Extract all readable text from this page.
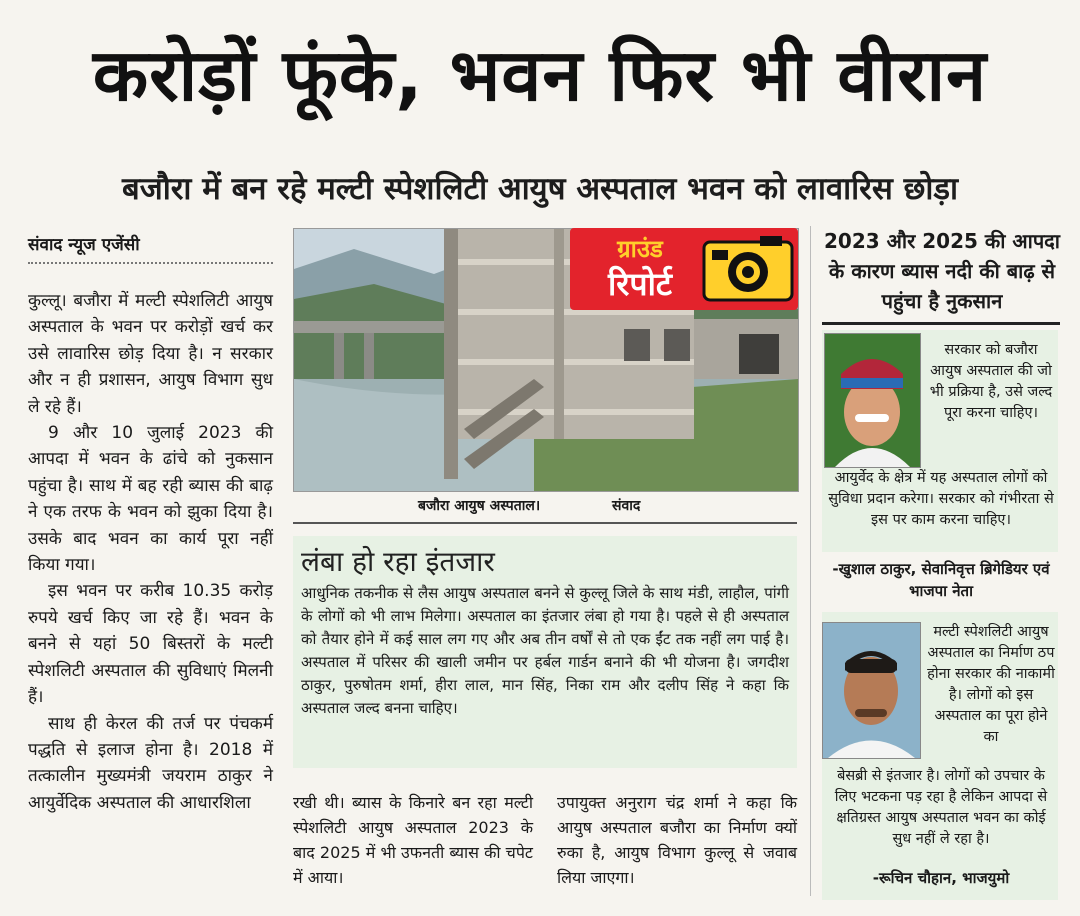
करोड़ों फूंके, भवन फिर भी वीरान
बजौरा में बन रहे मल्टी स्पेशलिटी आयुष अस्पताल भवन को लावारिस छोड़ा
संवाद न्यूज एजेंसी

कुल्लू। बजौरा में मल्टी स्पेशलिटी आयुष अस्पताल के भवन पर करोड़ों खर्च कर उसे लावारिस छोड़ दिया है। न सरकार और न ही प्रशासन, आयुष विभाग सुध ले रहे हैं।

9 और 10 जुलाई 2023 की आपदा में भवन के ढांचे को नुकसान पहुंचा है। साथ में बह रही ब्यास की बाढ़ ने एक तरफ के भवन को झुका दिया है। उसके बाद भवन का कार्य पूरा नहीं किया गया।

इस भवन पर करीब 10.35 करोड़ रुपये खर्च किए जा रहे हैं। भवन के बनने से यहां 50 बिस्तरों के मल्टी स्पेशलिटी अस्पताल की सुविधाएं मिलनी हैं।

साथ ही केरल की तर्ज पर पंचकर्म पद्धति से इलाज होना है। 2018 में तत्कालीन मुख्यमंत्री जयराम ठाकुर ने आयुर्वेदिक अस्पताल की आधारशिला

ग्राउंड
रिपोर्ट
बजौरा आयुष अस्पताल।	संवाद
लंबा हो रहा इंतजार
आधुनिक तकनीक से लैस आयुष अस्पताल बनने से कुल्लू जिले के साथ मंडी, लाहौल, पांगी के लोगों को भी लाभ मिलेगा। अस्पताल का इंतजार लंबा हो गया है। पहले से ही अस्पताल को तैयार होने में कई साल लग गए और अब तीन वर्षों से तो एक ईंट तक नहीं लग पाई है। अस्पताल में परिसर की खाली जमीन पर हर्बल गार्डन बनाने की भी योजना है। जगदीश ठाकुर, पुरुषोतम शर्मा, हीरा लाल, मान सिंह, निका राम और दलीप सिंह ने कहा कि अस्पताल जल्द बनना चाहिए।
रखी थी। ब्यास के किनारे बन रहा मल्टी स्पेशलिटी आयुष अस्पताल 2023 के बाद 2025 में भी उफनती ब्यास की चपेट में आया।
उपायुक्त अनुराग चंद्र शर्मा ने कहा कि आयुष अस्पताल बजौरा का निर्माण क्यों रुका है, आयुष विभाग कुल्लू से जवाब लिया जाएगा।
2023 और 2025 की आपदा के कारण ब्यास नदी की बाढ़ से पहुंचा है नुकसान
सरकार को बजौरा आयुष अस्पताल की जो भी प्रक्रिया है, उसे जल्द पूरा करना चाहिए।
आयुर्वेद के क्षेत्र में यह अस्पताल लोगों को सुविधा प्रदान करेगा। सरकार को गंभीरता से इस पर काम करना चाहिए।
-खुशाल ठाकुर, सेवानिवृत्त ब्रिगेडियर एवं भाजपा नेता
मल्टी स्पेशलिटी आयुष अस्पताल का निर्माण ठप होना सरकार की नाकामी है। लोगों को इस अस्पताल का पूरा होने का
बेसब्री से इंतजार है। लोगों को उपचार के लिए भटकना पड़ रहा है लेकिन आपदा से क्षतिग्रस्त आयुष अस्पताल भवन का कोई सुध नहीं ले रहा है।
-रूचिन चौहान, भाजयुमो
